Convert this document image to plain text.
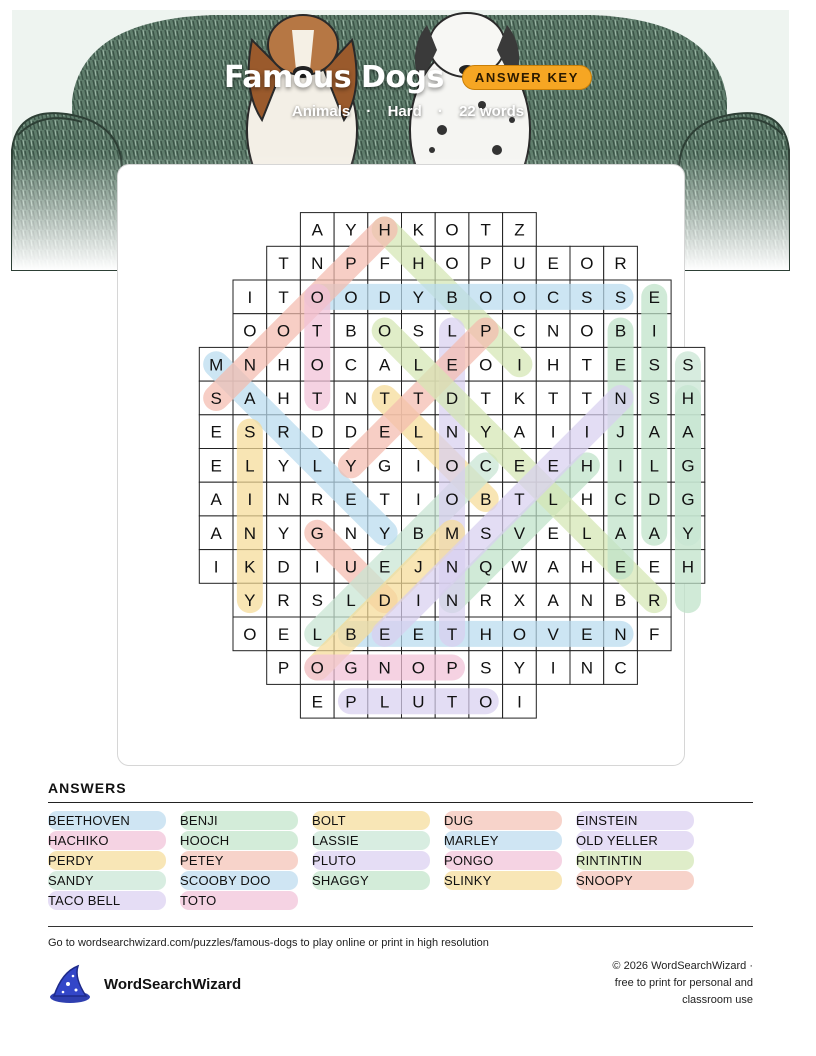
Famous Dogs	ANSWER KEY
Animals · Hard · 22 words
A Y H K O T Z
T N P F H O P U E O R
I T O O D Y B O O C S S E
O O T B O S L P C N O B I
M N H O C A L E O I H T E S S
S A H T N T T D T K T T N S H
E S R D D E L N Y A I I J A A
E L Y L Y G I O C E E H I L G
A I N R E T I O B T L H C D G
A N Y G N Y B M S V E L A A Y
I K D I U E J N Q W A H E E H
Y R S L D I N R X A N B R
O E L B E E T H O V E N F
P O G N O P S Y I N C
E P L U T O I
ANSWERS
BEETHOVEN	BENJI	BOLT	DUG	EINSTEIN
HACHIKO	HOOCH	LASSIE	MARLEY	OLD YELLER
PERDY	PETEY	PLUTO	PONGO	RINTINTIN
SANDY	SCOOBY DOO	SHAGGY	SLINKY	SNOOPY
TACO BELL	TOTO
Go to wordsearchwizard.com/puzzles/famous-dogs to play online or print in high resolution
WordSearchWizard
© 2026 WordSearchWizard ·
free to print for personal and
classroom use
